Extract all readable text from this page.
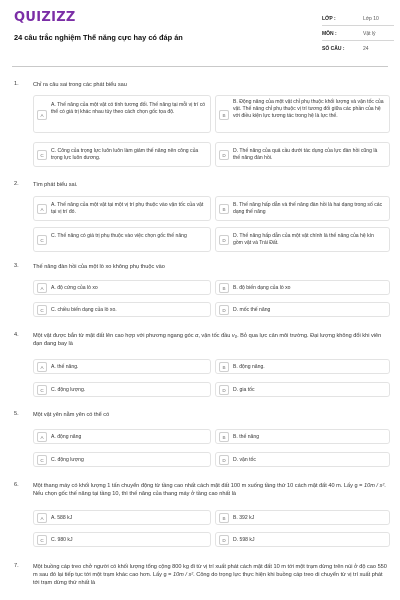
QUIZIZZ
24 câu trắc nghiệm Thế năng cực hay có đáp án
LỚP :	Lớp 10
MÔN :	Vật lý
SỐ CÂU :	24
1.	Chỉ ra câu sai trong các phát biểu sau
A
A. Thế năng của một vật có tính tương đối. Thế năng tại mỗi vị trí có thể có giá trị khác nhau tùy theo cách chọn gốc tọa độ.
B
B. Động năng của một vật chỉ phụ thuộc khối lượng và vận tốc của vật. Thế năng chỉ phụ thuộc vị trí tương đối giữa các phần của hệ với điều kiện lực tương tác trong hệ là lực thế.
C
C. Công của trọng lực luôn luôn làm giảm thế năng nên công của trọng lực luôn dương.	D
D. Thế năng của quả cầu dưới tác dụng của lực đàn hồi cũng là thế năng đàn hồi.
2.	Tìm phát biểu sai.
A
A. Thế năng của một vật tại một vị trí phụ thuộc vào vận tốc của vật tại vị trí đó.	B
B. Thế năng hấp dẫn và thế năng đàn hồi là hai dạng trong số các dạng thế năng
C
C. Thế năng có giá trị phụ thuộc vào việc chọn gốc thế năng
D
D. Thế năng hấp dẫn của một vật chính là thế năng của hệ kín gồm vật và Trái Đất.
3.	Thế năng đàn hồi của một lò xo không phụ thuộc vào
A	A. độ cứng của lò xo	B	B. độ biến dạng của lò xo
C	C. chiều biến dạng của lò xo.	D	D. mốc thế năng
4.	Một vật được bắn từ mặt đất lên cao hợp với phương ngang góc α, vận tốc đầu v₀. Bỏ qua lực cản môi trường. Đại lượng không đổi khi viên đạn đang bay là
A	A. thế năng.	B	B. động năng.
C	C. động lượng.	D	D. gia tốc
5.	Một vật yên nằm yên có thể có
A	A. động năng	B	B. thế năng
C	C. động lượng	D	D. vận tốc
6.	Một thang máy có khối lượng 1 tấn chuyển động từ tầng cao nhất cách mặt đất 100 m xuống tầng thứ 10 cách mặt đất 40 m. Lấy g = 10m / s². Nếu chọn gốc thế năng tại tầng 10, thì thế năng của thang máy ở tầng cao nhất là
A	A. 588 kJ	B	B. 392 kJ
C	C. 980 kJ	D	D. 598 kJ
7.	Một buồng cáp treo chở người có khối lượng tổng cộng 800 kg đi từ vị trí xuất phát cách mặt đất 10 m tới một trạm dừng trên núi ở độ cao 550 m sau đó lại tiếp tục tới một trạm khác cao hơn. Lấy g = 10m / s². Công do trọng lực thực hiện khi buồng cáp treo di chuyển từ vị trí xuất phát tới trạm dừng thứ nhất là
